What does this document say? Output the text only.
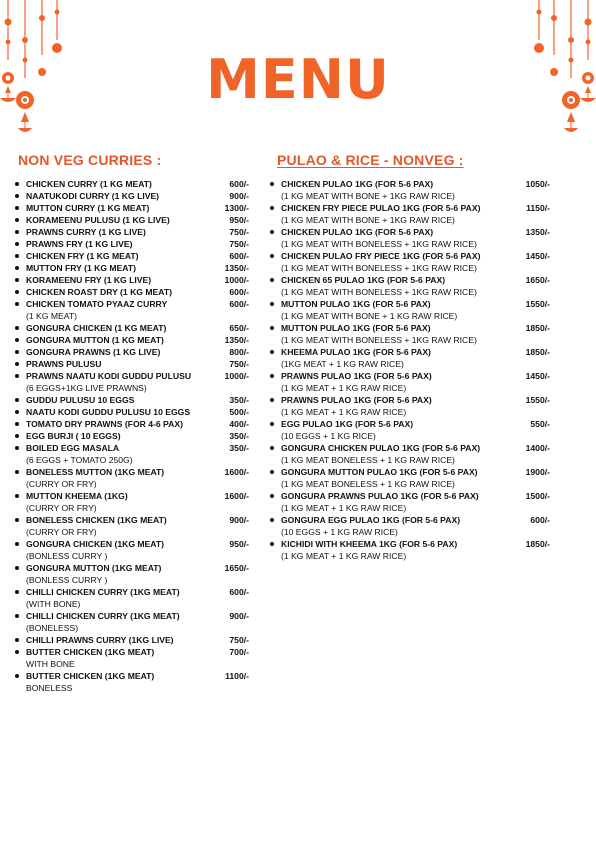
MENU
NON VEG CURRIES :	PULAO & RICE - NONVEG :
CHICKEN CURRY (1 KG MEAT)	600/-
NAATUKODI CURRY (1 KG LIVE)	900/-
MUTTON CURRY (1 KG MEAT)	1300/-
KORAMEENU PULUSU (1 KG LIVE)	950/-
PRAWNS CURRY (1 KG LIVE)	750/-
PRAWNS FRY (1 KG LIVE)	750/-
CHICKEN FRY (1 KG MEAT)	600/-
MUTTON FRY (1 KG MEAT)	1350/-
KORAMEENU FRY (1 KG LIVE)	1000/-
CHICKEN ROAST DRY (1 KG MEAT)	600/-
CHICKEN TOMATO PYAAZ CURRY
(1 KG MEAT)
600/-
GONGURA CHICKEN (1 KG MEAT)	650/-
GONGURA MUTTON (1 KG MEAT)	1350/-
GONGURA PRAWNS (1 KG LIVE)	800/-
PRAWNS PULUSU	750/-
PRAWNS NAATU KODI GUDDU PULUSU
(6 EGGS+1KG LIVE PRAWNS)
1000/-
GUDDU PULUSU 10 EGGS	350/-
NAATU KODI GUDDU PULUSU 10 EGGS	500/-
TOMATO DRY PRAWNS (FOR 4-6 PAX)	400/-
EGG BURJI ( 10 EGGS)	350/-
BOILED EGG MASALA
(6 EGGS + TOMATO 250G)
350/-
BONELESS MUTTON (1KG MEAT)
(CURRY OR FRY)
1600/-
MUTTON KHEEMA (1KG)
(CURRY OR FRY)
1600/-
BONELESS CHICKEN (1KG MEAT)
(CURRY OR FRY)
900/-
GONGURA CHICKEN (1KG MEAT)
(BONLESS CURRY )
950/-
GONGURA MUTTON (1KG MEAT)
(BONLESS CURRY )
1650/-
CHILLI CHICKEN CURRY (1KG MEAT)
(WITH BONE)
600/-
CHILLI CHICKEN CURRY (1KG MEAT)
(BONELESS)
900/-
CHILLI PRAWNS CURRY (1KG LIVE)	750/-
BUTTER CHICKEN (1KG MEAT)
WITH BONE
700/-
BUTTER CHICKEN (1KG MEAT)
BONELESS
1100/-
CHICKEN PULAO 1KG (FOR 5-6 PAX)
(1 KG MEAT WITH BONE + 1KG RAW RICE)
1050/-
CHICKEN FRY PIECE PULAO 1KG (FOR 5-6 PAX)
(1 KG MEAT WITH BONE + 1KG RAW RICE)
1150/-
CHICKEN PULAO 1KG (FOR 5-6 PAX)
(1 KG MEAT WITH BONELESS + 1KG RAW RICE)
1350/-
CHICKEN PULAO FRY PIECE 1KG (FOR 5-6 PAX)
(1 KG MEAT WITH BONELESS + 1KG RAW RICE)
1450/-
CHICKEN 65 PULAO 1KG (FOR 5-6 PAX)
(1 KG MEAT WITH BONELESS + 1KG RAW RICE)
1650/-
MUTTON PULAO 1KG (FOR 5-6 PAX)
(1 KG MEAT WITH BONE + 1 KG RAW RICE)
1550/-
MUTTON PULAO 1KG (FOR 5-6 PAX)
(1 KG MEAT WITH BONELESS + 1KG RAW RICE)
1850/-
KHEEMA PULAO 1KG (FOR 5-6 PAX)
(1KG MEAT + 1 KG RAW RICE)
1850/-
PRAWNS PULAO 1KG (FOR 5-6 PAX)
(1 KG MEAT + 1 KG RAW RICE)
1450/-
PRAWNS PULAO 1KG (FOR 5-6 PAX)
(1 KG MEAT + 1 KG RAW RICE)
1550/-
EGG PULAO 1KG (FOR 5-6 PAX)
(10 EGGS + 1 KG RICE)
550/-
GONGURA CHICKEN PULAO 1KG (FOR 5-6 PAX)
(1 KG MEAT BONELESS + 1 KG RAW RICE)
1400/-
GONGURA MUTTON PULAO 1KG (FOR 5-6 PAX)
(1 KG MEAT BONELESS + 1 KG RAW RICE)
1900/-
GONGURA PRAWNS PULAO 1KG (FOR 5-6 PAX)
(1 KG MEAT + 1 KG RAW RICE)
1500/-
GONGURA EGG PULAO 1KG (FOR 5-6 PAX)
(10 EGGS + 1 KG RAW RICE)
600/-
KICHIDI WITH KHEEMA 1KG (FOR 5-6 PAX)
(1 KG MEAT + 1 KG RAW RICE)
1850/-
